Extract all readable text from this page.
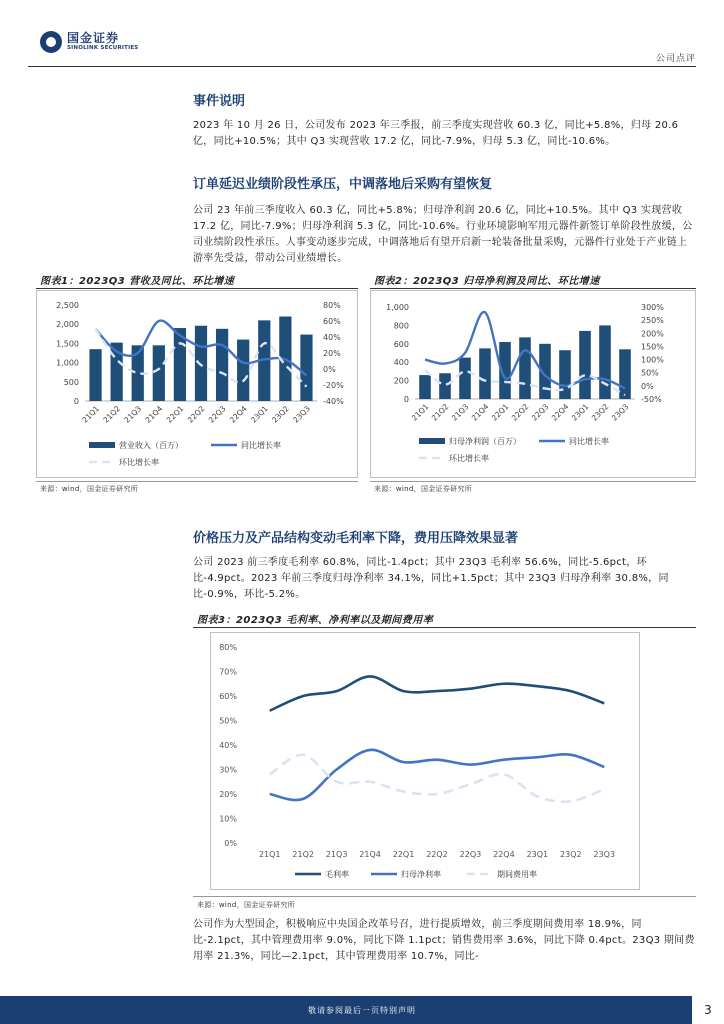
国金证券
SINOLINK SECURITIES
公司点评
事件说明
2023 年 10 月 26 日，公司发布 2023 年三季报，前三季度实现营收 60.3 亿，同比+5.8%，归母 20.6 亿，同比+10.5%；其中 Q3 实现营收 17.2 亿，同比-7.9%，归母 5.3 亿，同比-10.6%。
订单延迟业绩阶段性承压，中调落地后采购有望恢复
公司 23 年前三季度收入 60.3 亿，同比+5.8%；归母净利润 20.6 亿，同比+10.5%。其中 Q3 实现营收 17.2 亿，同比-7.9%；归母净利润 5.3 亿，同比-10.6%。行业环境影响军用元器件新签订单阶段性放缓，公司业绩阶段性承压。人事变动逐步完成，中调落地后有望开启新一轮装备批量采购，元器件行业处于产业链上游率先受益，带动公司业绩增长。
图表1：2023Q3 营收及同比、环比增速
0
500
1,000
1,500
2,000
2,500
-40%
-20%
0%
20%
40%
60%
80%
21Q1 21Q2 21Q3 21Q4 22Q1 22Q2 22Q3 22Q4 23Q1 23Q2 23Q3
营业收入（百万）	同比增长率
环比增长率
来源：wind，国金证券研究所
图表2：2023Q3 归母净利润及同比、环比增速
0
200
400
600
800
1,000
-50%
0%
50%
100%
150%
200%
250%
300%
21Q1 21Q2 21Q3 21Q4 22Q1 22Q2 22Q3 22Q4 23Q1 23Q2 23Q3
归母净利润（百万）	同比增长率
环比增长率
来源：wind，国金证券研究所
价格压力及产品结构变动毛利率下降，费用压降效果显著
公司 2023 前三季度毛利率 60.8%，同比-1.4pct；其中 23Q3 毛利率 56.6%，同比-5.6pct，环比-4.9pct。2023 年前三季度归母净利率 34.1%，同比+1.5pct；其中 23Q3 归母净利率 30.8%，同比-0.9%，环比-5.2%。
图表3：2023Q3 毛利率、净利率以及期间费用率
0%
10%
20%
30%
40%
50%
60%
70%
80%
21Q1 21Q2 21Q3 21Q4 22Q1 22Q2 22Q3 22Q4 23Q1 23Q2 23Q3
毛利率	归母净利率	期间费用率
来源：wind，国金证券研究所
公司作为大型国企，积极响应中央国企改革号召，进行提质增效，前三季度期间费用率 18.9%，同比-2.1pct，其中管理费用率 9.0%，同比下降 1.1pct；销售费用率 3.6%，同比下降 0.4pct。23Q3 期间费用率 21.3%，同比—2.1pct，其中管理费用率 10.7%，同比-
敬请参阅最后一页特别声明	3
